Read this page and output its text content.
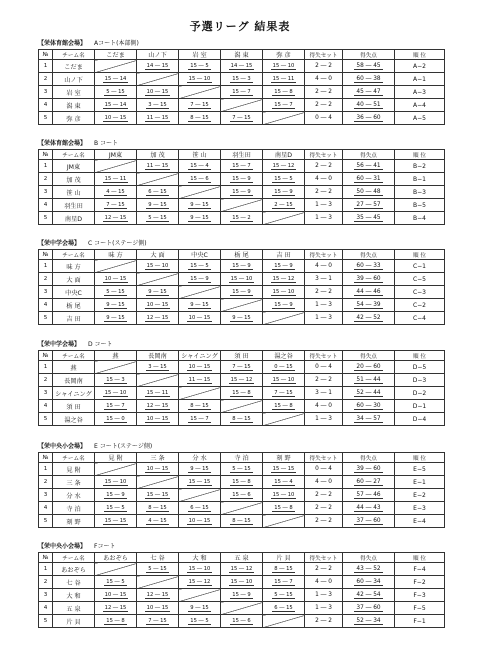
予選リーグ 結果表
【栄体育館会場】 Aコート(本部側)
№	チーム名	こだま	山ノ下	岩 室	潟 東	弥 彦	得失セット	得失点	順 位
1	こだま		14 ― 15	15 ― 5	14 ― 15	15 ― 10	2 ― 2	58 ― 45	A−2
2	山ノ下	15 ― 14		15 ― 10	15 ― 3	15 ― 11	4 ― 0	60 ― 38	A−1
3	岩 室	5 ― 15	10 ― 15		15 ― 7	15 ― 8	2 ― 2	45 ― 47	A−3
4	潟 東	15 ― 14	3 ― 15	7 ― 15		15 ― 7	2 ― 2	40 ― 51	A−4
5	弥 彦	10 ― 15	11 ― 15	8 ― 15	7 ― 15		0 ― 4	36 ― 60	A−5
【栄体育館会場】 B コート
№	チーム名	JM東	加 茂	笹 山	羽生田	南星D	得失セット	得失点	順 位
1	JM東		11 ― 15	15 ― 4	15 ― 7	15 ― 12	2 ― 2	56 ― 41	B−2
2	加 茂	15 ― 11		15 ― 6	15 ― 9	15 ― 5	4 ― 0	60 ― 31	B−1
3	笹 山	4 ― 15	6 ― 15		15 ― 9	15 ― 9	2 ― 2	50 ― 48	B−3
4	羽生田	7 ― 15	9 ― 15	9 ― 15		2 ― 15	1 ― 3	27 ― 57	B−5
5	南星D	12 ― 15	5 ― 15	9 ― 15	15 ― 2		1 ― 3	35 ― 45	B−4
【栄中学会場】 C コート(ステージ側)
№	チーム名	味 方	大 面	中央C	栃 尾	吉 田	得失セット	得失点	順 位
1	味 方		15 ― 10	15 ― 5	15 ― 9	15 ― 9	4 ― 0	60 ― 33	C−1
2	大 面	10 ― 15		15 ― 9	15 ― 10	15 ― 12	3 ― 1	39 ― 60	C−5
3	中央C	5 ― 15	9 ― 15		15 ― 9	15 ― 10	2 ― 2	44 ― 46	C−3
4	栃 尾	9 ― 15	10 ― 15	9 ― 15		15 ― 9	1 ― 3	54 ― 39	C−2
5	吉 田	9 ― 15	12 ― 15	10 ― 15	9 ― 15		1 ― 3	42 ― 52	C−4
【栄中学会場】 D コート
№	チーム名	燕	長岡南	シャイニング	須 田	湯之谷	得失セット	得失点	順 位
1	燕		3 ― 15	10 ― 15	7 ― 15	0 ― 15	0 ― 4	20 ― 60	D−5
2	長岡南	15 ― 3		11 ― 15	15 ― 12	15 ― 10	2 ― 2	51 ― 44	D−3
3	シャイニング	15 ― 10	15 ― 11		15 ― 8	7 ― 15	3 ― 1	52 ― 44	D−2
4	須 田	15 ― 7	12 ― 15	8 ― 15		15 ― 8	4 ― 0	60 ― 30	D−1
5	湯之谷	15 ― 0	10 ― 15	15 ― 7	8 ― 15		1 ― 3	34 ― 57	D−4
【栄中央小会場】 E コート(ステージ側)
№	チーム名	見 附	三 条	分 水	寺 泊	刻 野	得失セット	得失点	順 位
1	見 附		10 ― 15	9 ― 15	5 ― 15	15 ― 15	0 ― 4	39 ― 60	E−5
2	三 条	15 ― 10		15 ― 15	15 ― 8	15 ― 4	4 ― 0	60 ― 27	E−1
3	分 水	15 ― 9	15 ― 15		15 ― 6	15 ― 10	2 ― 2	57 ― 46	E−2
4	寺 泊	15 ― 5	8 ― 15	6 ― 15		15 ― 8	2 ― 2	44 ― 43	E−3
5	刻 野	15 ― 15	4 ― 15	10 ― 15	8 ― 15		2 ― 2	37 ― 60	E−4
【栄中央小会場】 Fコート
№	チーム名	あおぞら	七 谷	大 和	五 泉	片 貝	得失セット	得失点	順 位
1	あおぞら		5 ― 15	15 ― 10	15 ― 12	8 ― 15	2 ― 2	43 ― 52	F−4
2	七 谷	15 ― 5		15 ― 12	15 ― 10	15 ― 7	4 ― 0	60 ― 34	F−2
3	大 和	10 ― 15	12 ― 15		15 ― 9	5 ― 15	1 ― 3	42 ― 54	F−3
4	五 泉	12 ― 15	10 ― 15	9 ― 15		6 ― 15	1 ― 3	37 ― 60	F−5
5	片 貝	15 ― 8	7 ― 15	15 ― 5	15 ― 6		2 ― 2	52 ― 34	F−1
